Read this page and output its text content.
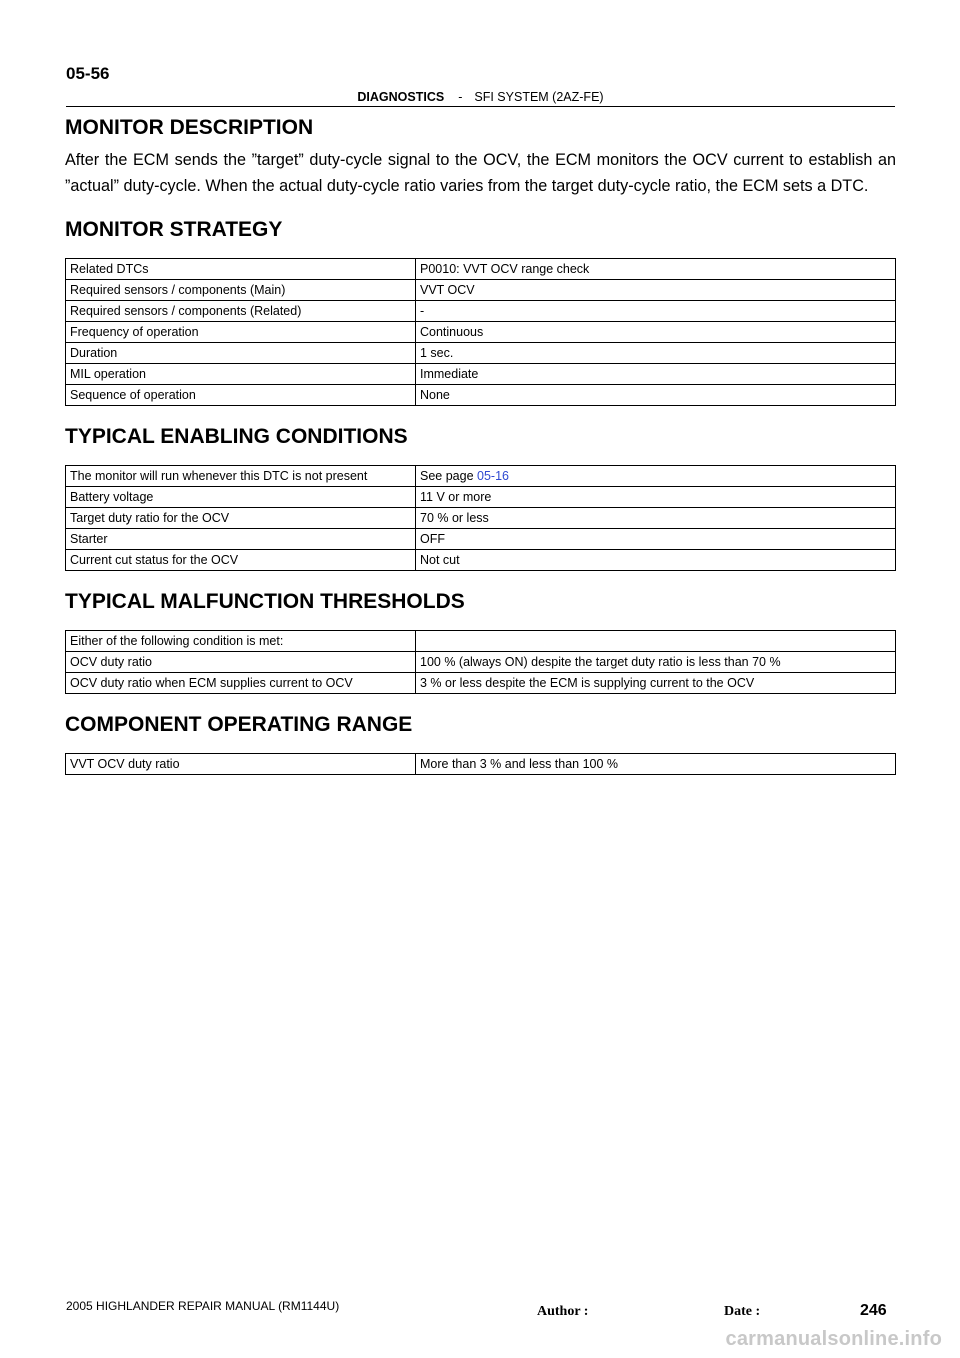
05-56
DIAGNOSTICS - SFI SYSTEM (2AZ-FE)
MONITOR DESCRIPTION

After the ECM sends the ”target” duty-cycle signal to the OCV, the ECM monitors the OCV current to establish an ”actual” duty-cycle. When the actual duty-cycle ratio varies from the target duty-cycle ratio, the ECM sets a DTC.

MONITOR STRATEGY
Related DTCs	P0010: VVT OCV range check
Required sensors / components (Main)	VVT OCV
Required sensors / components (Related)	-
Frequency of operation	Continuous
Duration	1 sec.
MIL operation	Immediate
Sequence of operation	None
TYPICAL ENABLING CONDITIONS
The monitor will run whenever this DTC is not present	See page 05-16
Battery voltage	11 V or more
Target duty ratio for the OCV	70 % or less
Starter	OFF
Current cut status for the OCV	Not cut
TYPICAL MALFUNCTION THRESHOLDS
Either of the following condition is met:	
OCV duty ratio	100 % (always ON) despite the target duty ratio is less than 70 %
OCV duty ratio when ECM supplies current to OCV	3 % or less despite the ECM is supplying current to the OCV
COMPONENT OPERATING RANGE
VVT OCV duty ratio	More than 3 % and less than 100 %
2005 HIGHLANDER REPAIR MANUAL (RM1144U)	Author :	Date :	246
carmanualsonline.info
